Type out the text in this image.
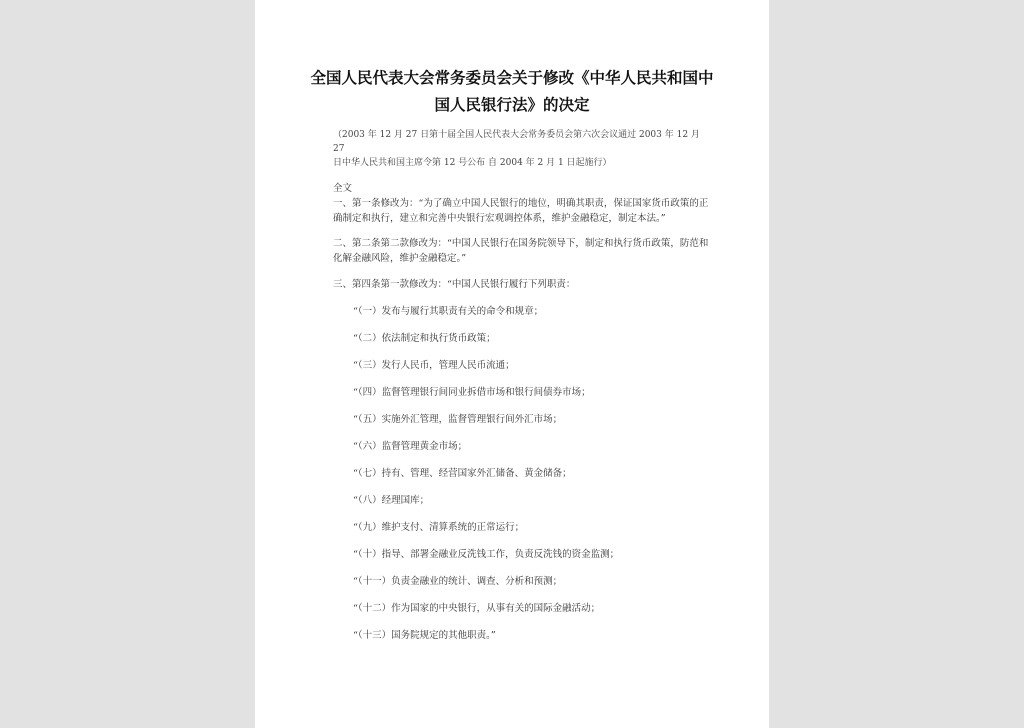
全国人民代表大会常务委员会关于修改《中华人民共和国中
国人民银行法》的决定
（2003 年 12 月 27 日第十届全国人民代表大会常务委员会第六次会议通过 2003 年 12 月 27
日中华人民共和国主席令第 12 号公布 自 2004 年 2 月 1 日起施行）
全文
一、第一条修改为：“为了确立中国人民银行的地位，明确其职责，保证国家货币政策的正
确制定和执行，建立和完善中央银行宏观调控体系，维护金融稳定，制定本法。”
二、第二条第二款修改为：“中国人民银行在国务院领导下，制定和执行货币政策，防范和
化解金融风险，维护金融稳定。”
三、第四条第一款修改为：“中国人民银行履行下列职责：
“（一）发布与履行其职责有关的命令和规章；
“（二）依法制定和执行货币政策；
“（三）发行人民币，管理人民币流通；
“（四）监督管理银行间同业拆借市场和银行间债券市场；
“（五）实施外汇管理，监督管理银行间外汇市场；
“（六）监督管理黄金市场；
“（七）持有、管理、经营国家外汇储备、黄金储备；
“（八）经理国库；
“（九）维护支付、清算系统的正常运行；
“（十）指导、部署金融业反洗钱工作，负责反洗钱的资金监测；
“（十一）负责金融业的统计、调查、分析和预测；
“（十二）作为国家的中央银行，从事有关的国际金融活动；
“（十三）国务院规定的其他职责。”
